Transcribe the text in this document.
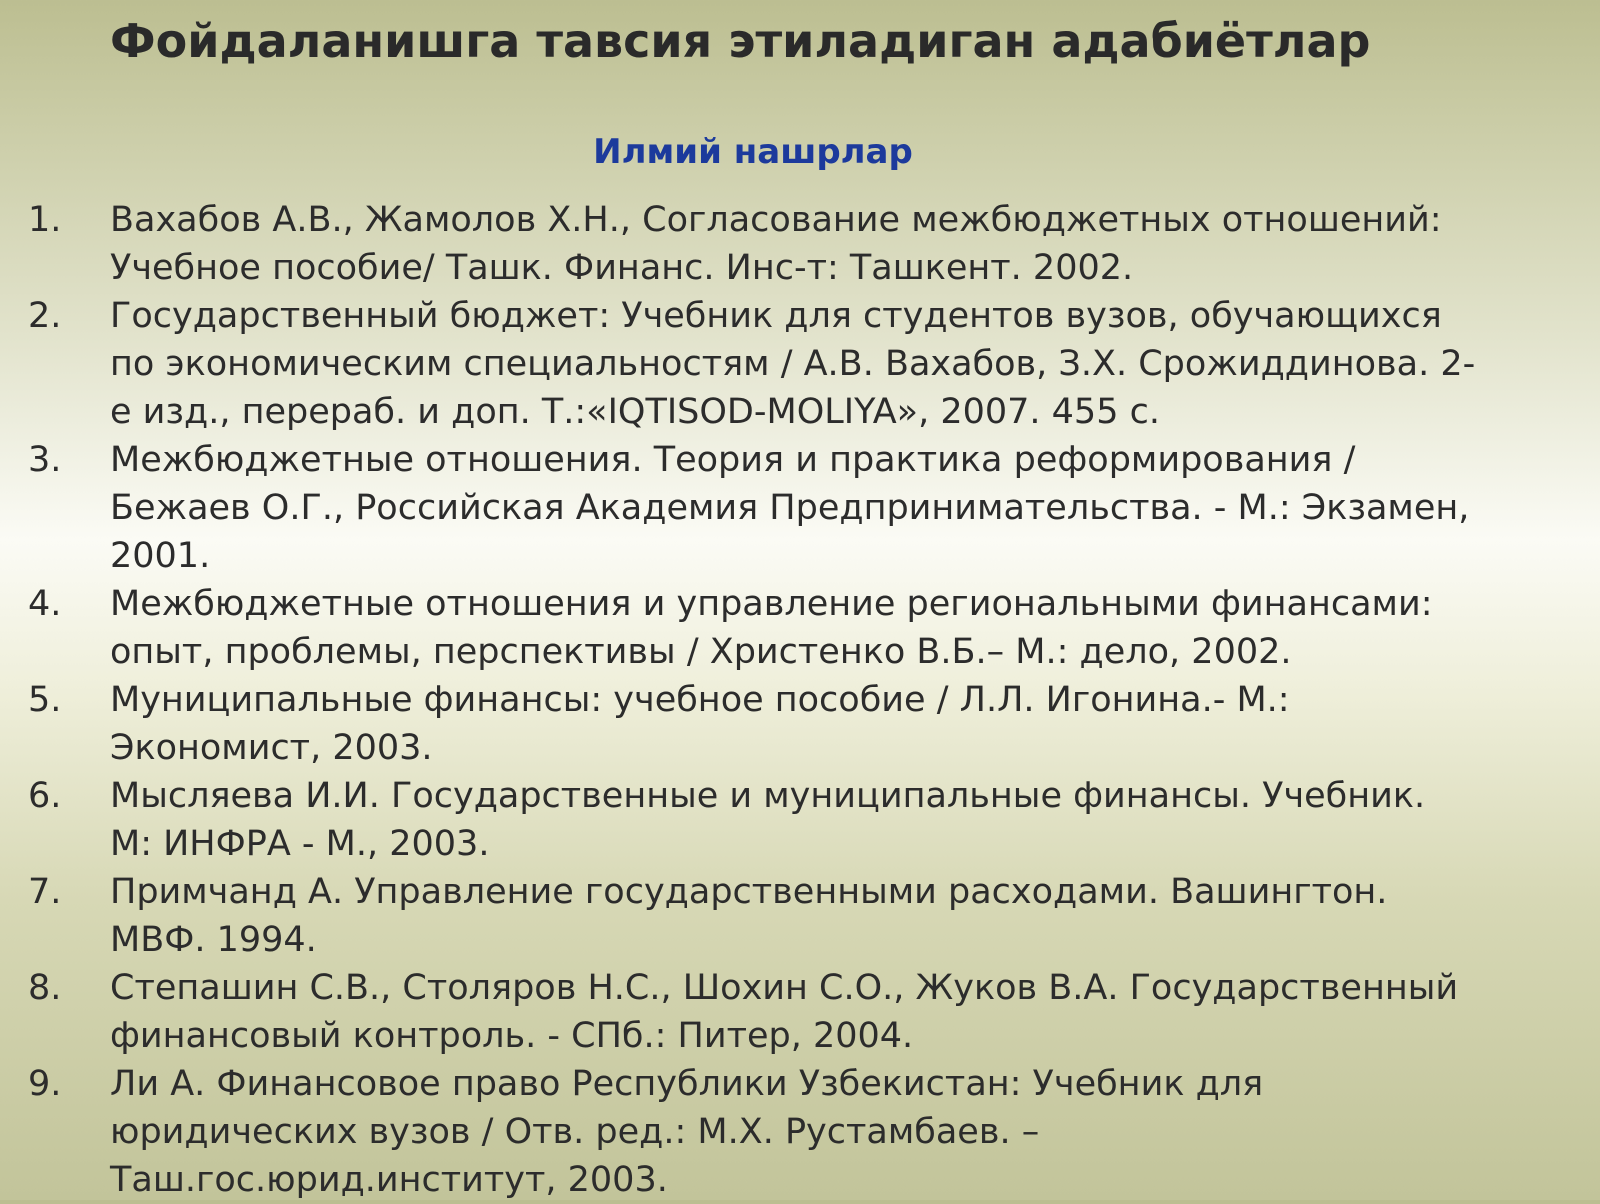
Фойдаланишга тавсия этиладиган адабиётлар
Илмий нашрлар
1.	Вахабов А.В., Жамолов Х.Н., Согласование межбюджетных отношений:
Учебное пособие/ Ташк. Финанс. Инс-т: Ташкент. 2002.
2.	Государственный бюджет: Учебник для студентов вузов, обучающихся
по экономическим специальностям / А.В. Вахабов, З.Х. Срожиддинова. 2-
е изд., перераб. и доп. Т.:«IQTISOD-MOLIYA», 2007. 455 с.
3.	Межбюджетные отношения. Теория и практика реформирования /
Бежаев О.Г., Российская Академия Предпринимательства. - М.: Экзамен,
2001.
4.	Межбюджетные отношения и управление региональными финансами:
опыт, проблемы, перспективы / Христенко В.Б.– М.: дело, 2002.
5.	Муниципальные финансы: учебное пособие / Л.Л. Игонина.- М.:
Экономист, 2003.
6.	Мысляева И.И. Государственные и муниципальные финансы. Учебник.
М: ИНФРА - М., 2003.
7.	Примчанд А. Управление государственными расходами. Вашингтон.
МВФ. 1994.
8.	Степашин С.В., Столяров Н.С., Шохин С.О., Жуков В.А. Государственный
финансовый контроль. - СПб.: Питер, 2004.
9.	Ли А. Финансовое право Республики Узбекистан: Учебник для
юридических вузов / Отв. ред.: М.Х. Рустамбаев. –
Таш.гос.юрид.институт, 2003.
